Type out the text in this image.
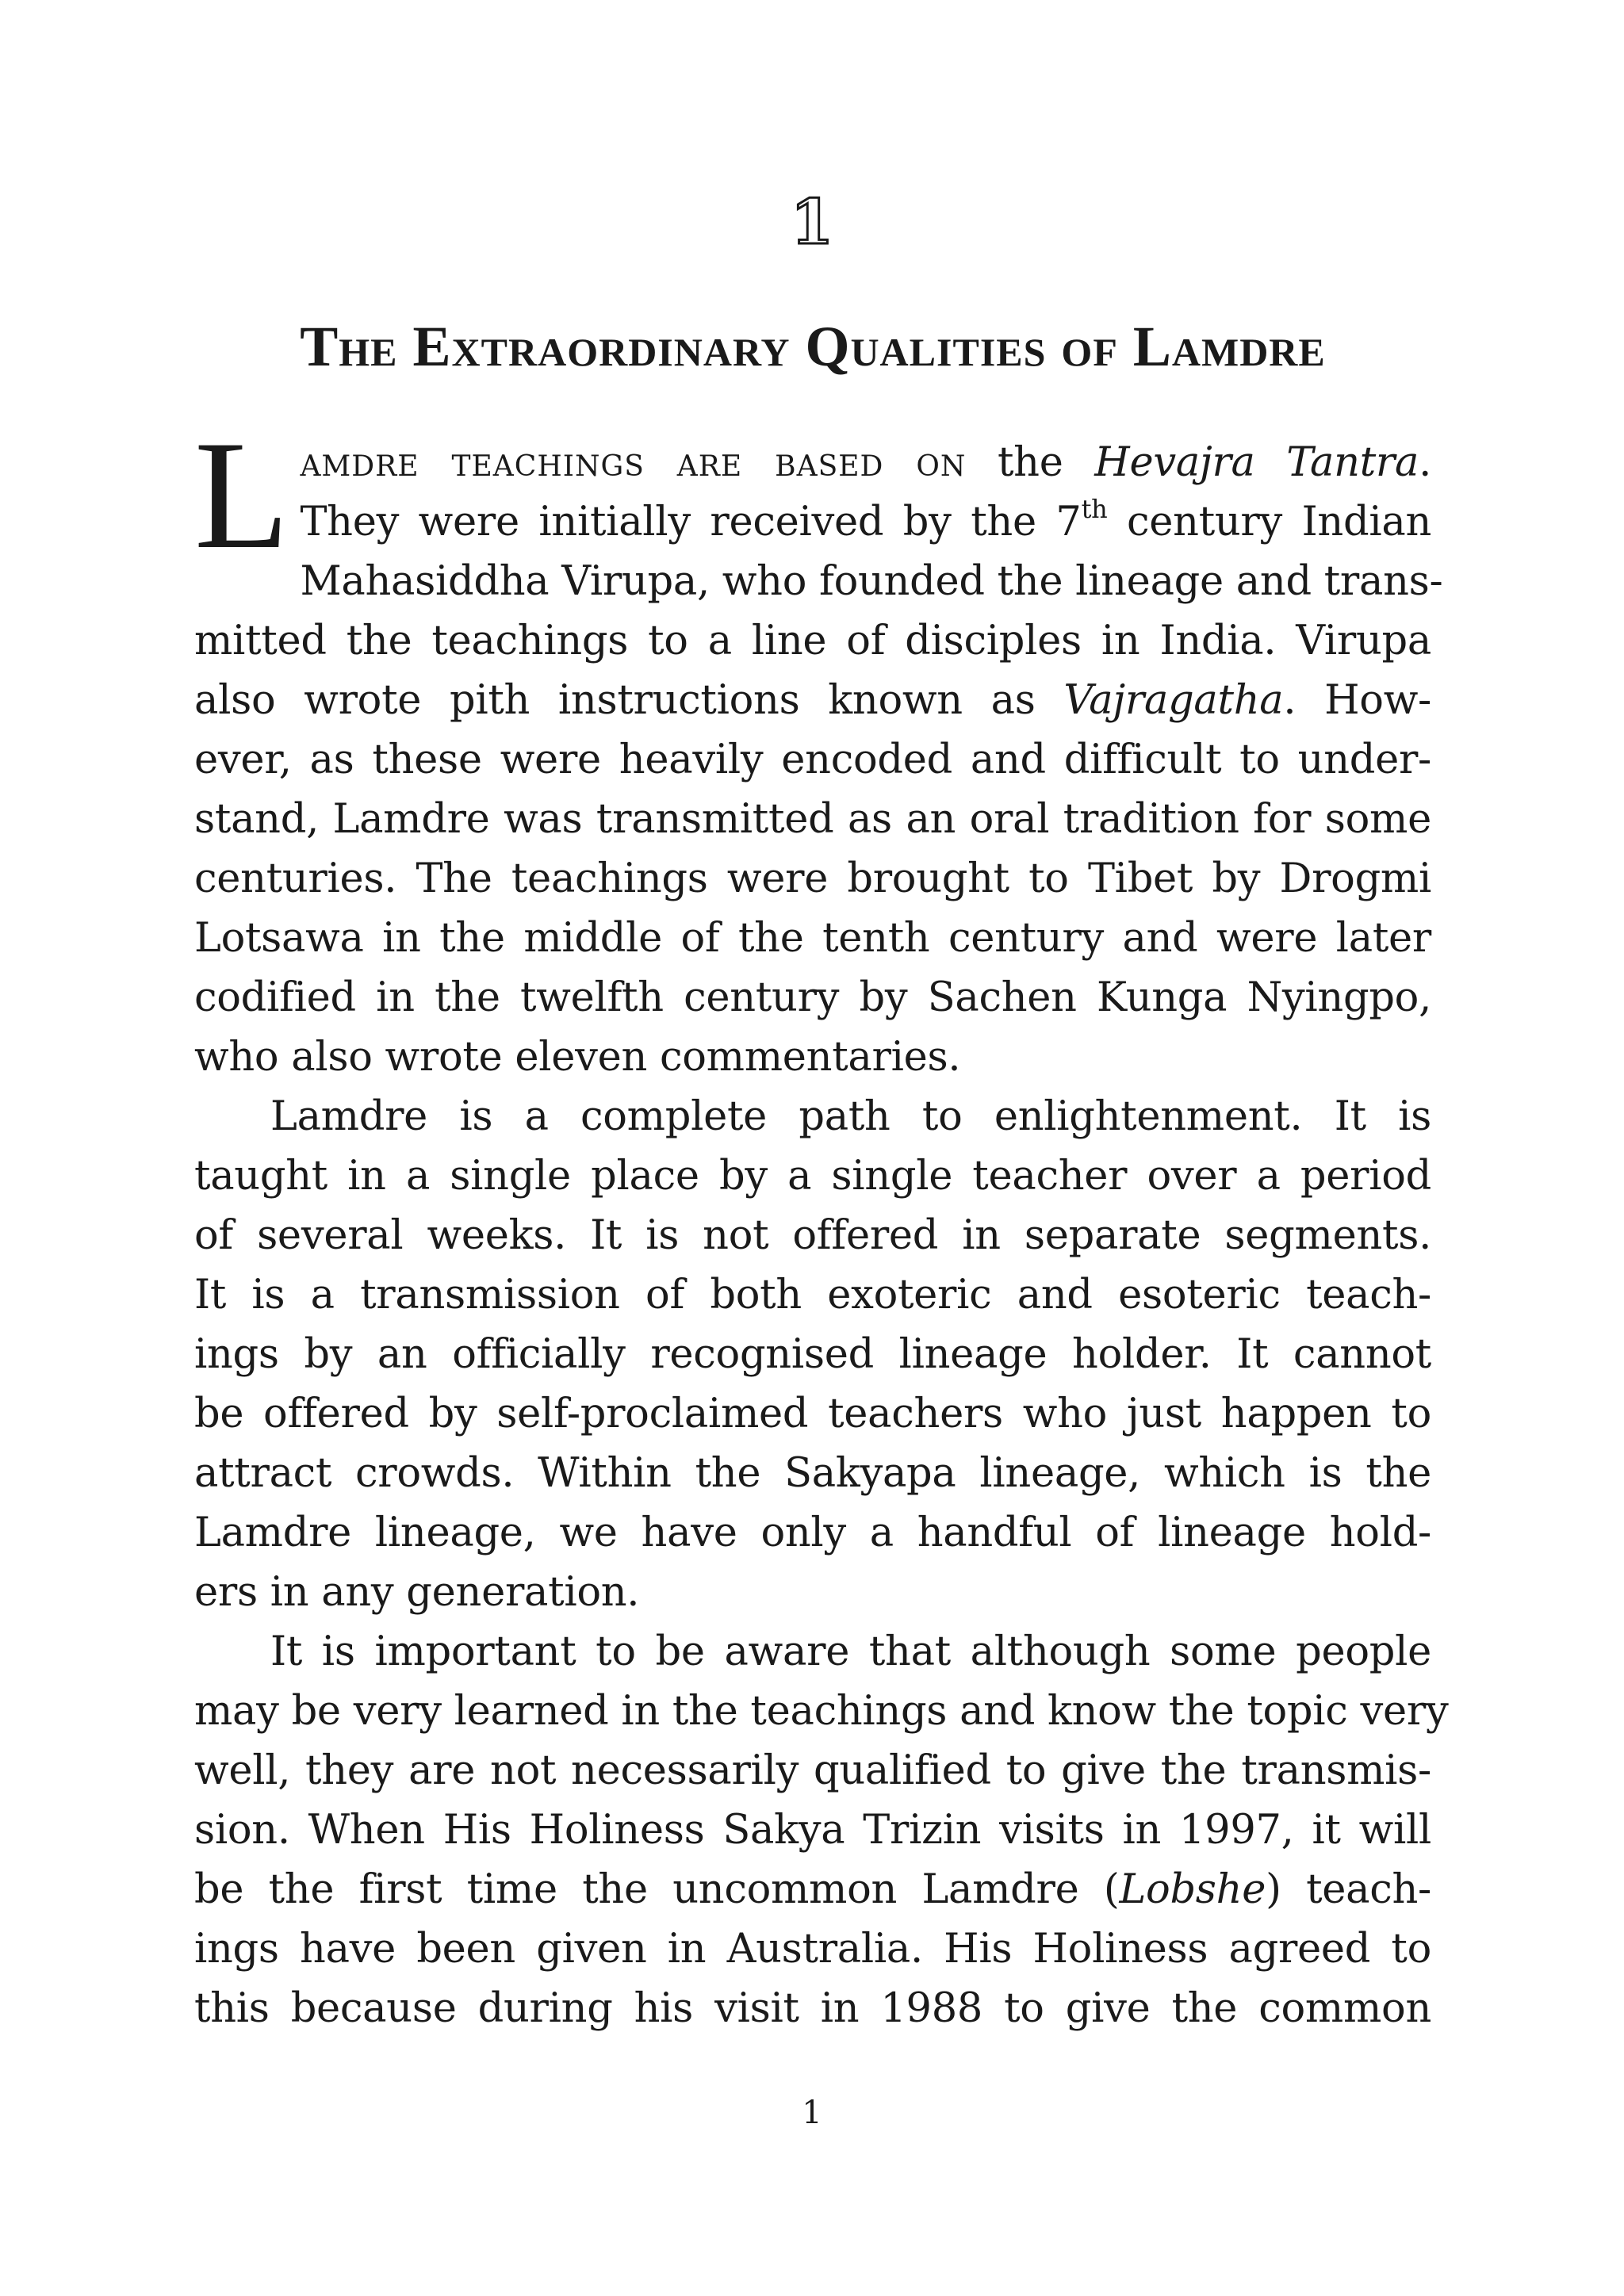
1
The Extraordinary Qualities of Lamdre
L amdre teachings are based on the Hevajra Tantra.
They were initially received by the 7th century Indian
Mahasiddha Virupa, who founded the lineage and trans-
mitted the teachings to a line of disciples in India. Virupa
also wrote pith instructions known as Vajragatha. How-
ever, as these were heavily encoded and difficult to under-
stand, Lamdre was transmitted as an oral tradition for some
centuries. The teachings were brought to Tibet by Drogmi
Lotsawa in the middle of the tenth century and were later
codified in the twelfth century by Sachen Kunga Nyingpo,
who also wrote eleven commentaries.
Lamdre is a complete path to enlightenment. It is
taught in a single place by a single teacher over a period
of several weeks. It is not offered in separate segments.
It is a transmission of both exoteric and esoteric teach-
ings by an officially recognised lineage holder. It cannot
be offered by self-proclaimed teachers who just happen to
attract crowds. Within the Sakyapa lineage, which is the
Lamdre lineage, we have only a handful of lineage hold-
ers in any generation.
It is important to be aware that although some people
may be very learned in the teachings and know the topic very
well, they are not necessarily qualified to give the transmis-
sion. When His Holiness Sakya Trizin visits in 1997, it will
be the first time the uncommon Lamdre (Lobshe) teach-
ings have been given in Australia. His Holiness agreed to
this because during his visit in 1988 to give the common
1
